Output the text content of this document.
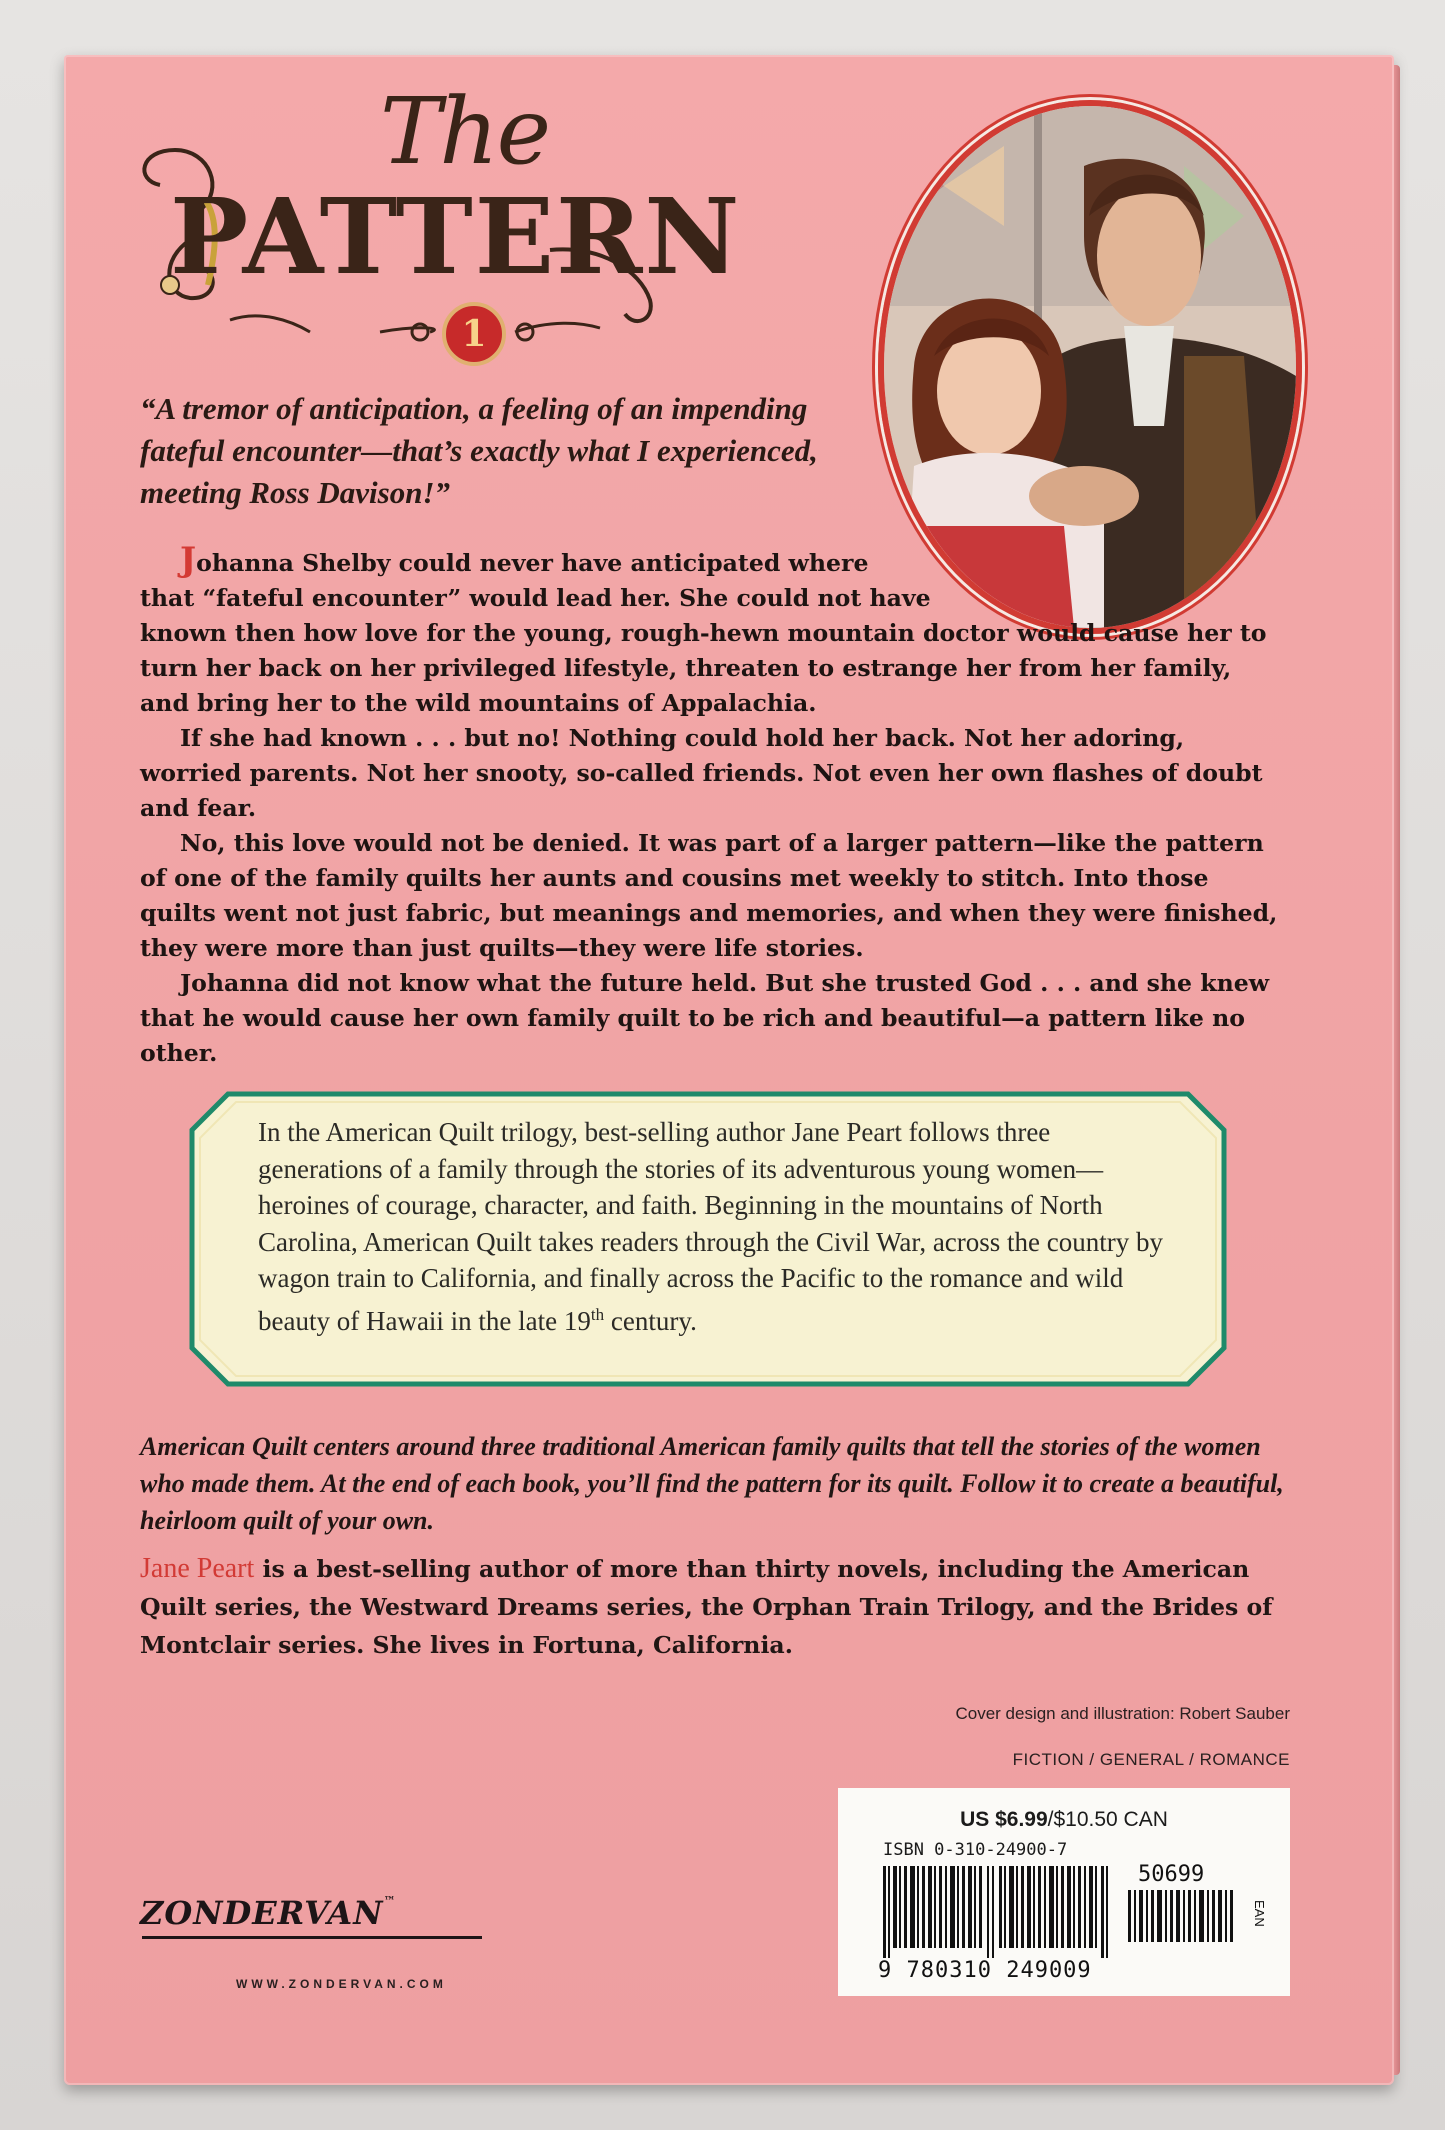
The
PATTERN
1
“A tremor of anticipation, a feeling of an impending fateful encounter—that’s exactly what I experienced, meeting Ross Davison!”

Johanna Shelby could never have anticipated where that “fateful encounter” would lead her. She could not have known then how love for the young, rough-hewn mountain doctor would cause her to turn her back on her privileged lifestyle, threaten to estrange her from her family, and bring her to the wild mountains of Appalachia.

If she had known . . . but no! Nothing could hold her back. Not her adoring, worried parents. Not her snooty, so-called friends. Not even her own flashes of doubt and fear.

No, this love would not be denied. It was part of a larger pattern—like the pattern of one of the family quilts her aunts and cousins met weekly to stitch. Into those quilts went not just fabric, but meanings and memories, and when they were finished, they were more than just quilts—they were life stories.

Johanna did not know what the future held. But she trusted God . . . and she knew that he would cause her own family quilt to be rich and beautiful—a pattern like no other.

In the American Quilt trilogy, best-selling author Jane Peart follows three generations of a family through the stories of its adventurous young women—heroines of courage, character, and faith. Beginning in the mountains of North Carolina, American Quilt takes readers through the Civil War, across the country by wagon train to California, and finally across the Pacific to the romance and wild beauty of Hawaii in the late 19th century.
American Quilt centers around three traditional American family quilts that tell the stories of the women who made them. At the end of each book, you’ll find the pattern for its quilt. Follow it to create a beautiful, heirloom quilt of your own.
Jane Peart is a best-selling author of more than thirty novels, including the American Quilt series, the Westward Dreams series, the Orphan Train Trilogy, and the Brides of Montclair series. She lives in Fortuna, California.
Cover design and illustration: Robert Sauber
FICTION / GENERAL / ROMANCE
US $6.99/$10.50 CAN
ISBN 0-310-24900-7
9 780310 249009
50699
EAN
ZONDERVAN™
WWW.ZONDERVAN.COM
